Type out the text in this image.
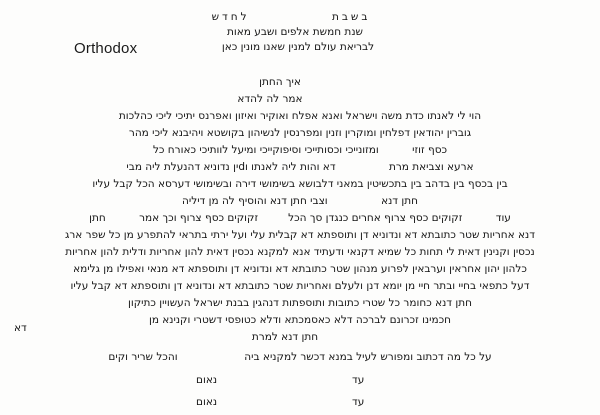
Orthodox
בשבת             לחדש
שנת חמשת אלפים ושבע מאות
לבריאת עולם למנין שאנו מונין כאן
איך החתן
אמר לה להדא
הוי לי לאנתו כדת משה וישראל ואנא אפלח ואוקיר ואיזון ואפרנס יתיכי ליכי כהלכות
גוברין יהודאין דפלחין ומוקרין וזנין ומפרנסין לנשיהון בקושטא ויהיבנא ליכי מהר
כסף זוזי          ומזונייכי וכסותייכי וסיפוקייכי ומיעל לוותיכי כאורח כל
ארעא וצביאת מרת                דא והות ליה לאנתו וdין נדוניא דהנעלת ליה מבי
בין בכסף בין בדהב בין בתכשיטין במאני דלבושא בשימושי דירה ובשימושי דערסא הכל קבל עליו
חתן דנא                וצבי חתן דנא והוסיף לה מן דיליה
עוד          זקוקים כסף צרוף אחרים כנגדן סך הכל         זקוקים כסף צרוף וכך אמר          חתן
דנא אחריות שטר כתובתא דא ונדוניא דן ותוספתא דא קבלית עלי ועל ירתי בתראי להתפרע מן כל שפר ארג
נכסין וקנינין דאית לי תחות כל שמיא דקנאי ודעתיד אנא למקנא נכסין דאית להון אחריות ודלית להון אחריות
כלהון יהון אחראין וערבאין לפרוע מנהון שטר כתובתא דא ונדוניא דן ותוספתא דא מנאי ואפילו מן גלימא
דעל כתפאי בחיי ובתר חיי מן יומא דנן ולעלם ואחריות שטר כתובתא דא ונדוניא דן ותוספתא דא קבל עליו
חתן דנא כחומר כל שטרי כתובות ותוספתות דנהגין בבנת ישראל העשויין כתיקון
חכמינו זכרונם לברכה דלא כאסמכתא ודלא כטופסי דשטרי וקנינא מן
חתן דנא למרת
על כל מה דכתוב ומפורש לעיל במנא דכשר למקניא ביה                    והכל שריר וקים
דא
נאום	עד
נאום	עד
